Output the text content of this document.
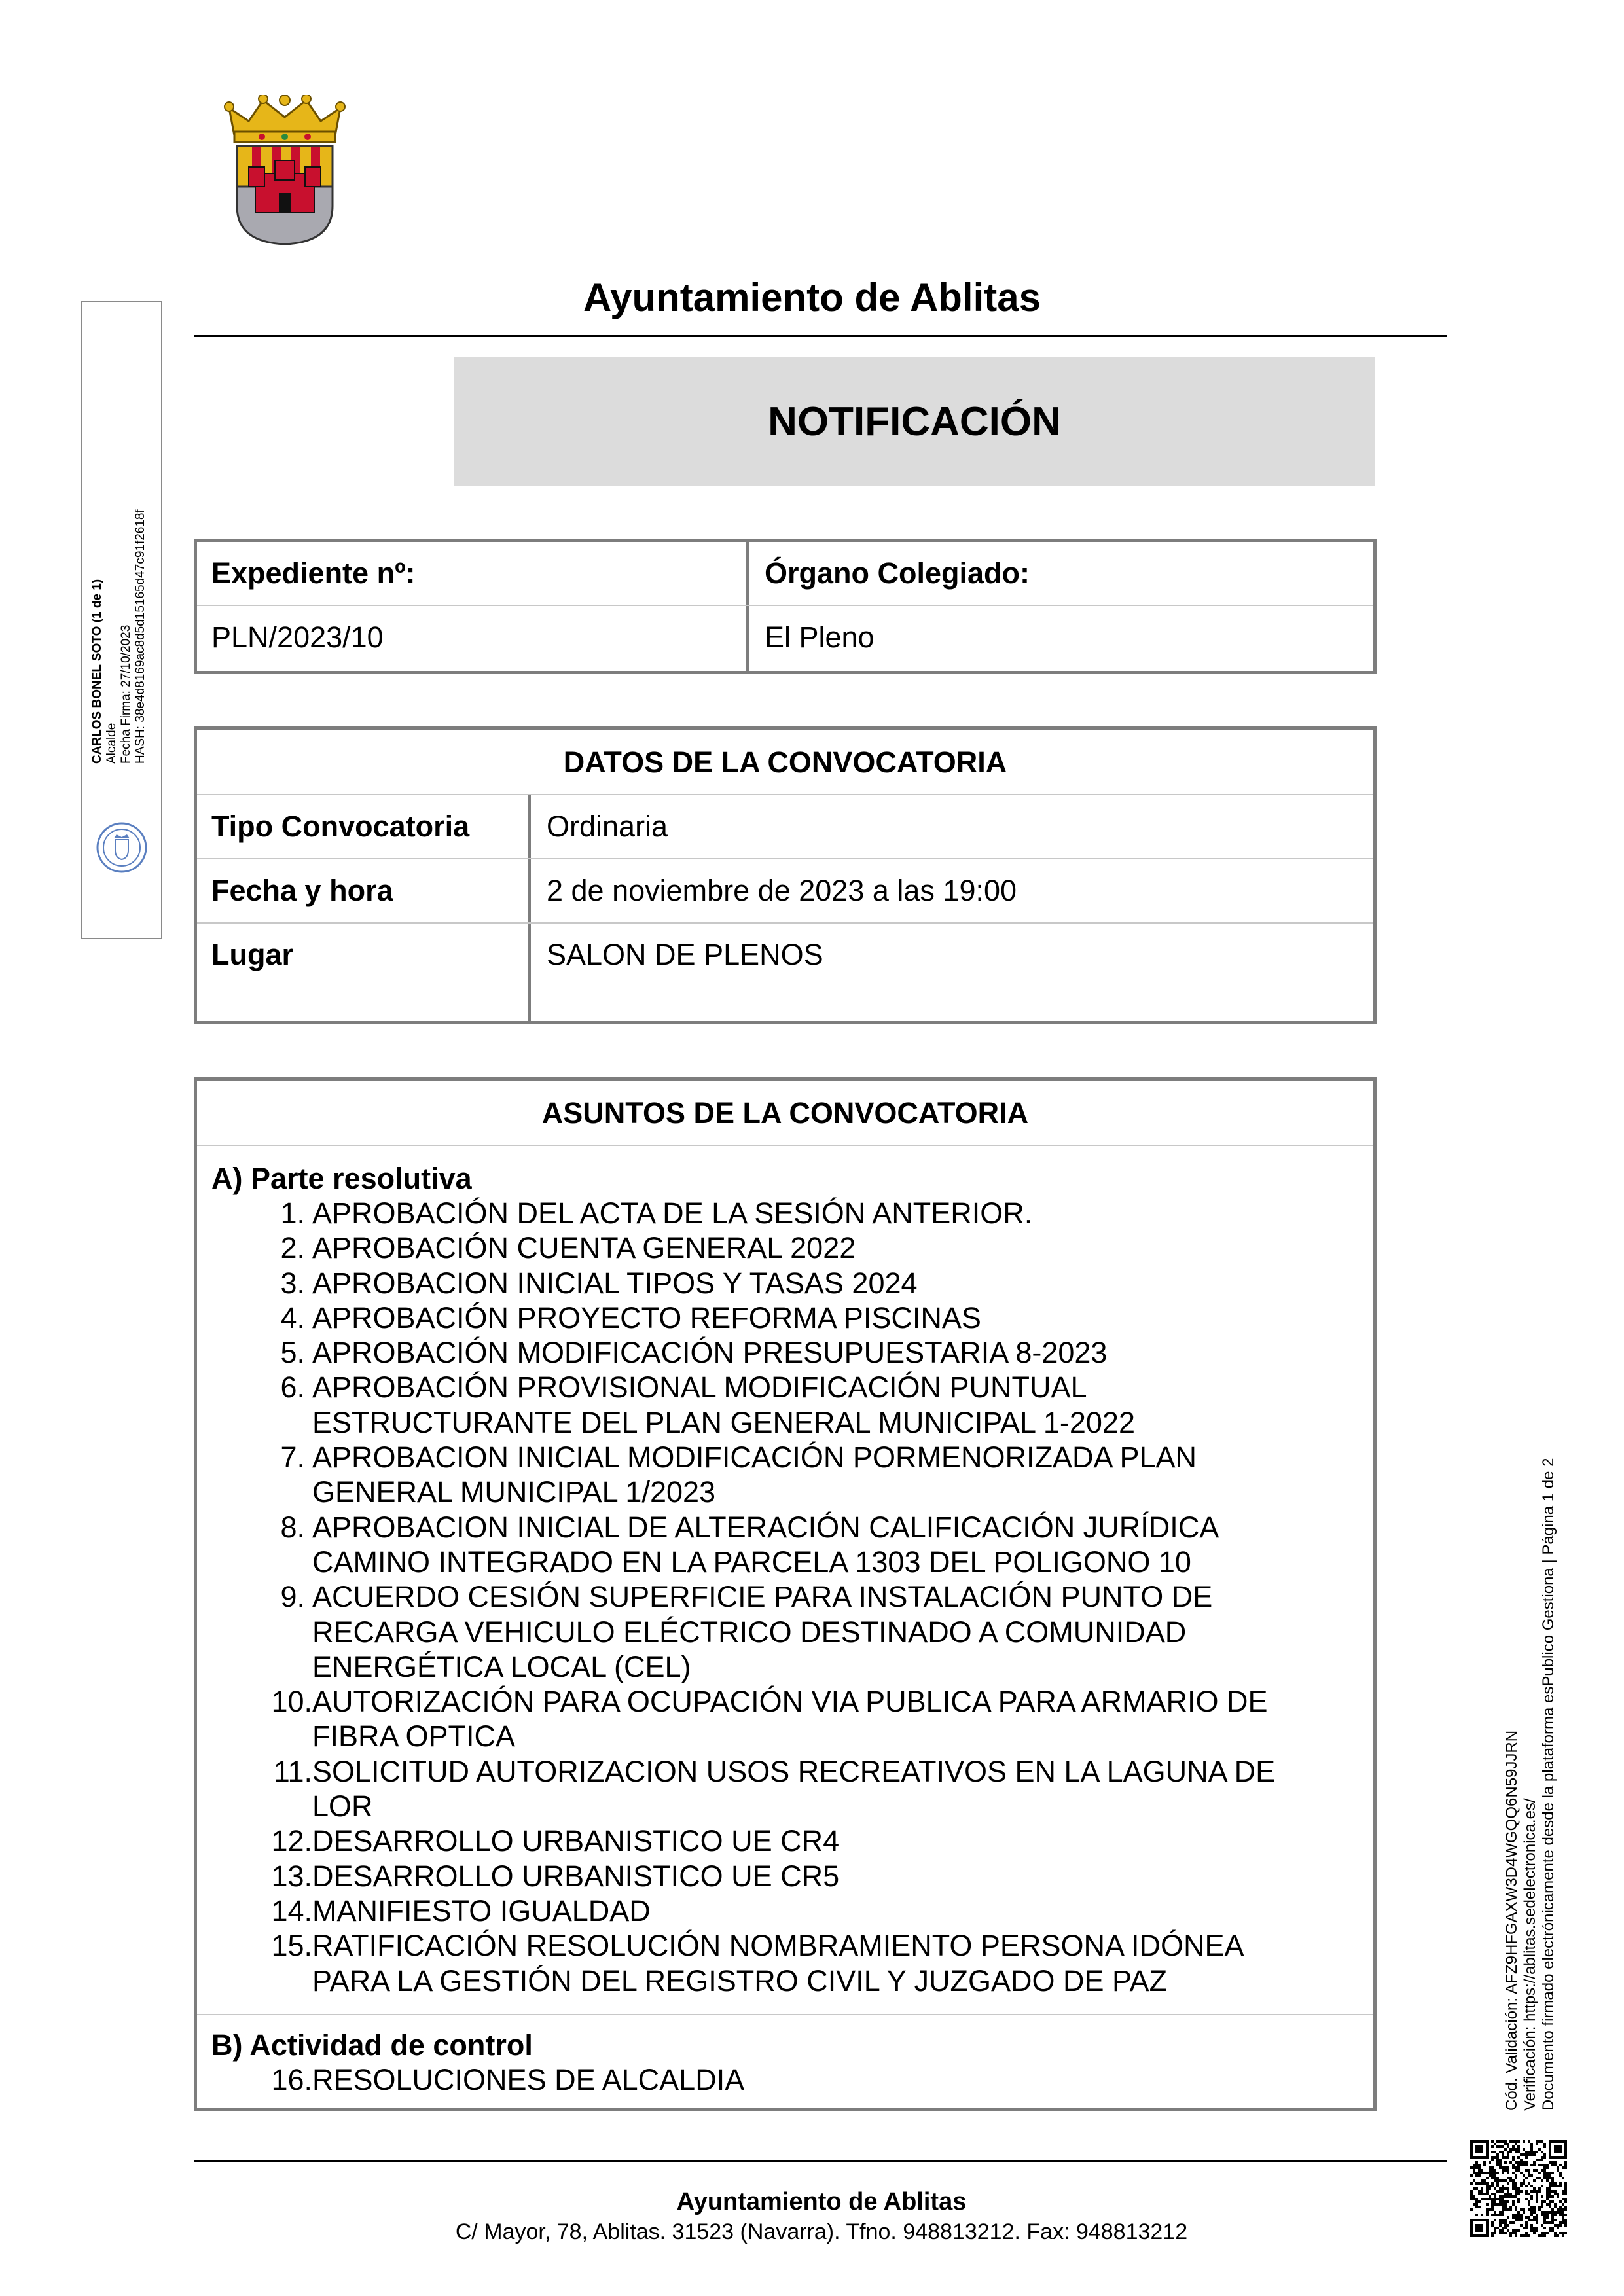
Ayuntamiento de Ablitas
NOTIFICACIÓN
Expediente nº:	Órgano Colegiado:
PLN/2023/10	El Pleno
DATOS DE LA CONVOCATORIA
Tipo Convocatoria	Ordinaria
Fecha y hora	2 de noviembre de 2023 a las 19:00
Lugar	SALON DE PLENOS
ASUNTOS DE LA CONVOCATORIA
A) Parte resolutiva
1. APROBACIÓN DEL ACTA DE LA SESIÓN ANTERIOR.
2. APROBACIÓN CUENTA GENERAL 2022
3. APROBACION INICIAL TIPOS Y TASAS 2024
4. APROBACIÓN PROYECTO REFORMA PISCINAS
5. APROBACIÓN MODIFICACIÓN PRESUPUESTARIA 8-2023
6. APROBACIÓN PROVISIONAL MODIFICACIÓN PUNTUAL
ESTRUCTURANTE DEL PLAN GENERAL MUNICIPAL 1-2022
7. APROBACION INICIAL MODIFICACIÓN PORMENORIZADA PLAN
GENERAL MUNICIPAL 1/2023
8. APROBACION INICIAL DE ALTERACIÓN CALIFICACIÓN JURÍDICA
CAMINO INTEGRADO EN LA PARCELA 1303 DEL POLIGONO 10
9. ACUERDO CESIÓN SUPERFICIE PARA INSTALACIÓN PUNTO DE
RECARGA VEHICULO ELÉCTRICO DESTINADO A COMUNIDAD
ENERGÉTICA LOCAL (CEL)
10. AUTORIZACIÓN PARA OCUPACIÓN VIA PUBLICA PARA ARMARIO DE
FIBRA OPTICA
11. SOLICITUD AUTORIZACION USOS RECREATIVOS EN LA LAGUNA DE
LOR
12. DESARROLLO URBANISTICO UE CR4
13. DESARROLLO URBANISTICO UE CR5
14. MANIFIESTO IGUALDAD
15. RATIFICACIÓN RESOLUCIÓN NOMBRAMIENTO PERSONA IDÓNEA
PARA LA GESTIÓN DEL REGISTRO CIVIL Y JUZGADO DE PAZ
B) Actividad de control
16. RESOLUCIONES DE ALCALDIA
Ayuntamiento de Ablitas
C/ Mayor, 78, Ablitas. 31523 (Navarra). Tfno. 948813212. Fax: 948813212
CARLOS BONEL SOTO (1 de 1) Alcalde Fecha Firma: 27/10/2023 HASH: 38e4d8169ac8d5d15165d47c91f2618f
Cód. Validación: AFZ9HFGAXW3D4WGQQ6N59JJRN Verificación: https://ablitas.sedelectronica.es/ Documento firmado electrónicamente desde la plataforma esPublico Gestiona | Página 1 de 2
